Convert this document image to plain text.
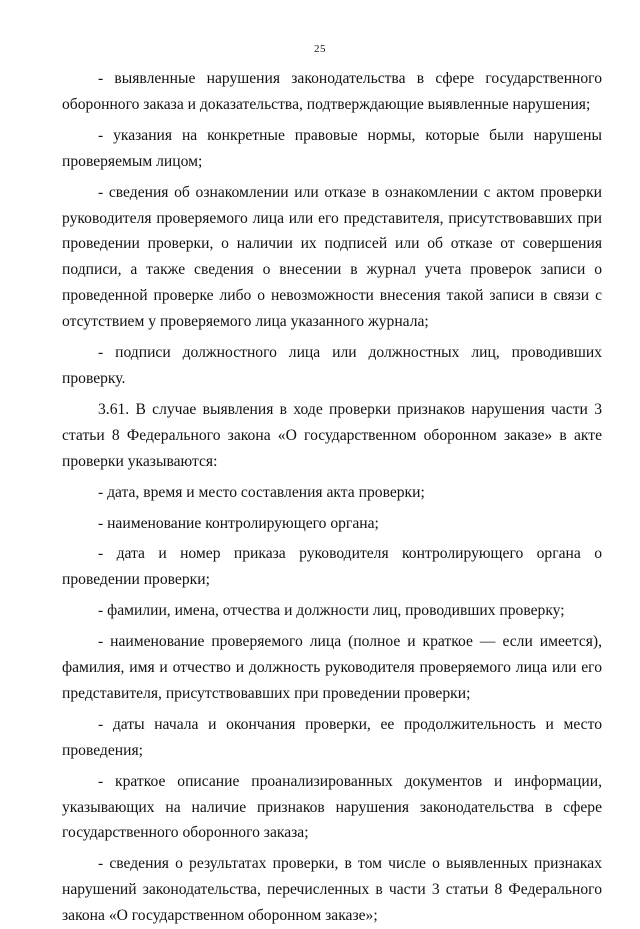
25

- выявленные нарушения законодательства в сфере государственного оборонного заказа и доказательства, подтверждающие выявленные нарушения;

- указания на конкретные правовые нормы, которые были нарушены проверяемым лицом;

- сведения об ознакомлении или отказе в ознакомлении с актом проверки руководителя проверяемого лица или его представителя, присутствовавших при проведении проверки, о наличии их подписей или об отказе от совершения подписи, а также сведения о внесении в журнал учета проверок записи о проведенной проверке либо о невозможности внесения такой записи в связи с отсутствием у проверяемого лица указанного журнала;

- подписи должностного лица или должностных лиц, проводивших проверку.

3.61. В случае выявления в ходе проверки признаков нарушения части 3 статьи 8 Федерального закона «О государственном оборонном заказе» в акте проверки указываются:

- дата, время и место составления акта проверки;

- наименование контролирующего органа;

- дата и номер приказа руководителя контролирующего органа о проведении проверки;

- фамилии, имена, отчества и должности лиц, проводивших проверку;

- наименование проверяемого лица (полное и краткое — если имеется), фамилия, имя и отчество и должность руководителя проверяемого лица или его представителя, присутствовавших при проведении проверки;

- даты начала и окончания проверки, ее продолжительность и место проведения;

- краткое описание проанализированных документов и информации, указывающих на наличие признаков нарушения законодательства в сфере государственного оборонного заказа;

- сведения о результатах проверки, в том числе о выявленных признаках нарушений законодательства, перечисленных в части 3 статьи 8 Федерального закона «О государственном оборонном заказе»;
